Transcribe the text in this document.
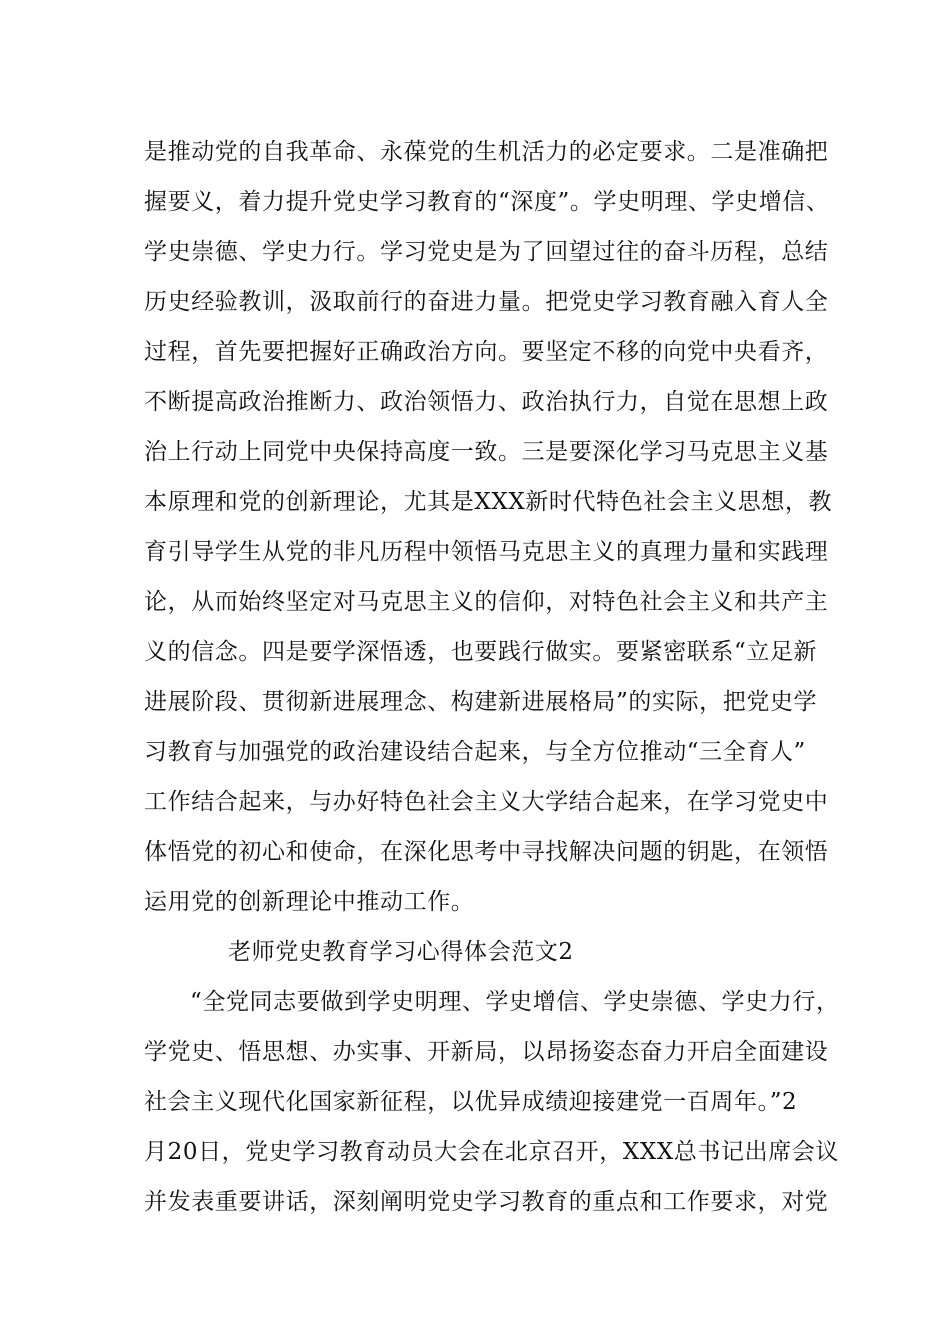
是推动党的自我革命、永葆党的生机活力的必定要求。二是准确把
握要义，着力提升党史学习教育的“深度”。学史明理、学史增信、
学史崇德、学史力行。学习党史是为了回望过往的奋斗历程，总结
历史经验教训，汲取前行的奋进力量。把党史学习教育融入育人全
过程，首先要把握好正确政治方向。要坚定不移的向党中央看齐，
不断提高政治推断力、政治领悟力、政治执行力，自觉在思想上政
治上行动上同党中央保持高度一致。三是要深化学习马克思主义基
本原理和党的创新理论，尤其是XXX新时代特色社会主义思想，教
育引导学生从党的非凡历程中领悟马克思主义的真理力量和实践理
论，从而始终坚定对马克思主义的信仰，对特色社会主义和共产主
义的信念。四是要学深悟透，也要践行做实。要紧密联系“立足新
进展阶段、贯彻新进展理念、构建新进展格局”的实际，把党史学
习教育与加强党的政治建设结合起来，与全方位推动“三全育人”
工作结合起来，与办好特色社会主义大学结合起来，在学习党史中
体悟党的初心和使命，在深化思考中寻找解决问题的钥匙，在领悟
运用党的创新理论中推动工作。
老师党史教育学习心得体会范文2
“全党同志要做到学史明理、学史增信、学史崇德、学史力行，
学党史、悟思想、办实事、开新局，以昂扬姿态奋力开启全面建设
社会主义现代化国家新征程，以优异成绩迎接建党一百周年。”2
月20日，党史学习教育动员大会在北京召开，XXX总书记出席会议
并发表重要讲话，深刻阐明党史学习教育的重点和工作要求，对党
